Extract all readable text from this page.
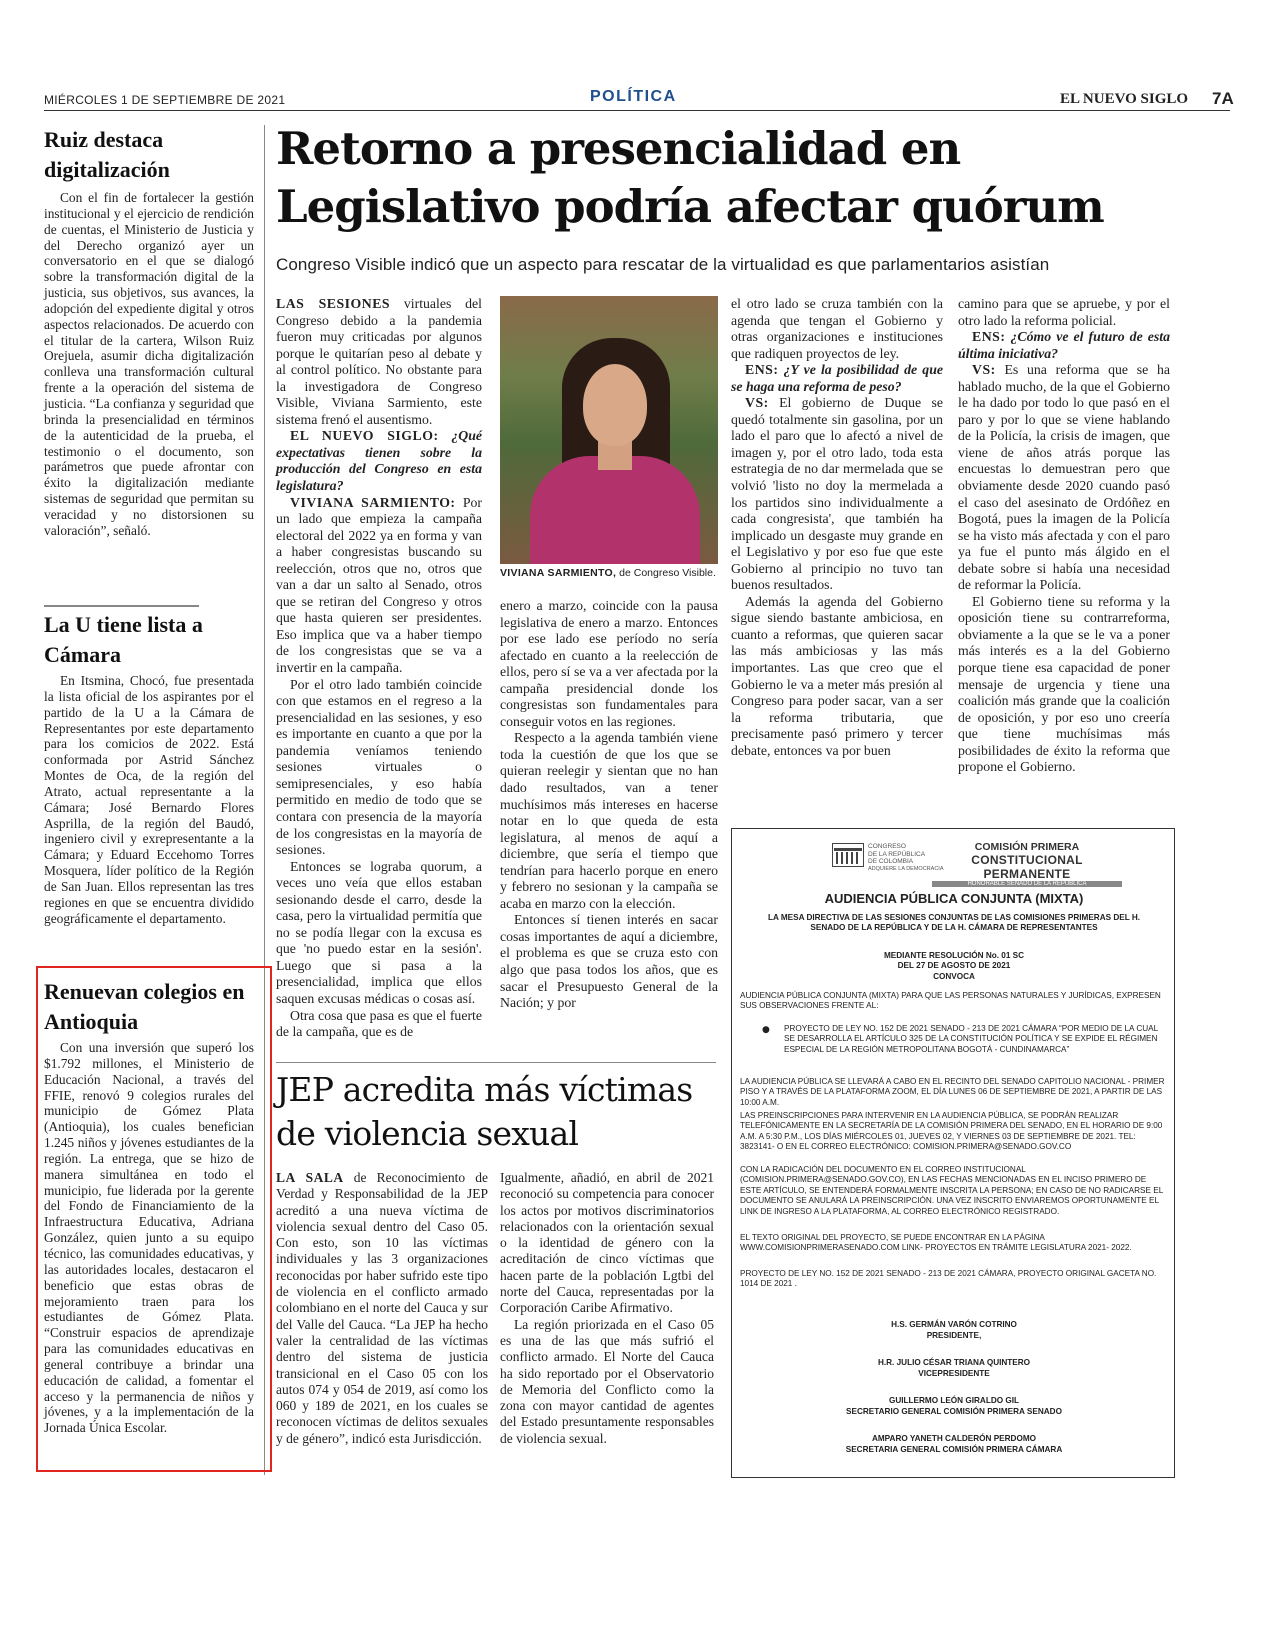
MIÉRCOLES 1 DE SEPTIEMBRE DE 2021	POLÍTICA	EL NUEVO SIGLO 7A
Ruiz destaca digitalización
Con el fin de fortalecer la gestión institucional y el ejercicio de rendición de cuentas, el Ministerio de Justicia y del Derecho organizó ayer un conversatorio en el que se dialogó sobre la transformación digital de la justicia, sus objetivos, sus avances, la adopción del expediente digital y otros aspectos relacionados. De acuerdo con el titular de la cartera, Wilson Ruiz Orejuela, asumir dicha digitalización conlleva una transformación cultural frente a la operación del sistema de justicia. “La confianza y seguridad que brinda la presencialidad en términos de la autenticidad de la prueba, el testimonio o el documento, son parámetros que puede afrontar con éxito la digitalización mediante sistemas de seguridad que permitan su veracidad y no distorsionen su valoración”, señaló.
La U tiene lista a Cámara
En Itsmina, Chocó, fue presentada la lista oficial de los aspirantes por el partido de la U a la Cámara de Representantes por este departamento para los comicios de 2022. Está conformada por Astrid Sánchez Montes de Oca, de la región del Atrato, actual representante a la Cámara; José Bernardo Flores Asprilla, de la región del Baudó, ingeniero civil y exrepresentante a la Cámara; y Eduard Eccehomo Torres Mosquera, líder político de la Región de San Juan. Ellos representan las tres regiones en que se encuentra dividido geográficamente el departamento.
Renuevan colegios en Antioquia
Con una inversión que superó los $1.792 millones, el Ministerio de Educación Nacional, a través del FFIE, renovó 9 colegios rurales del municipio de Gómez Plata (Antioquia), los cuales benefician 1.245 niños y jóvenes estudiantes de la región. La entrega, que se hizo de manera simultánea en todo el municipio, fue liderada por la gerente del Fondo de Financiamiento de la Infraestructura Educativa, Adriana González, quien junto a su equipo técnico, las comunidades educativas, y las autoridades locales, destacaron el beneficio que estas obras de mejoramiento traen para los estudiantes de Gómez Plata. “Construir espacios de aprendizaje para las comunidades educativas en general contribuye a brindar una educación de calidad, a fomentar el acceso y la permanencia de niños y jóvenes, y a la implementación de la Jornada Única Escolar.
Retorno a presencialidad en Legislativo podría afectar quórum
Congreso Visible indicó que un aspecto para rescatar de la virtualidad es que parlamentarios asistían

LAS SESIONES virtuales del Congreso debido a la pandemia fueron muy criticadas por algunos porque le quitarían peso al debate y al control político. No obstante para la investigadora de Congreso Visible, Viviana Sarmiento, este sistema frenó el ausentismo.

EL NUEVO SIGLO: ¿Qué expectativas tienen sobre la producción del Congreso en esta legislatura?

VIVIANA SARMIENTO: Por un lado que empieza la campaña electoral del 2022 ya en forma y van a haber congresistas buscando su reelección, otros que no, otros que van a dar un salto al Senado, otros que se retiran del Congreso y otros que hasta quieren ser presidentes. Eso implica que va a haber tiempo de los congresistas que se va a invertir en la campaña.

Por el otro lado también coincide con que estamos en el regreso a la presencialidad en las sesiones, y eso es importante en cuanto a que por la pandemia veníamos teniendo sesiones virtuales o semipresenciales, y eso había permitido en medio de todo que se contara con presencia de la mayoría de los congresistas en la mayoría de sesiones.

Entonces se lograba quorum, a veces uno veía que ellos estaban sesionando desde el carro, desde la casa, pero la virtualidad permitía que no se podía llegar con la excusa es que 'no puedo estar en la sesión'. Luego que si pasa a la presencialidad, implica que ellos saquen excusas médicas o cosas así.

Otra cosa que pasa es que el fuerte de la campaña, que es de

VIVIANA SARMIENTO, de Congreso Visible.

enero a marzo, coincide con la pausa legislativa de enero a marzo. Entonces por ese lado ese período no sería afectado en cuanto a la reelección de ellos, pero sí se va a ver afectada por la campaña presidencial donde los congresistas son fundamentales para conseguir votos en las regiones.

Respecto a la agenda también viene toda la cuestión de que los que se quieran reelegir y sientan que no han dado resultados, van a tener muchísimos más intereses en hacerse notar en lo que queda de esta legislatura, al menos de aquí a diciembre, que sería el tiempo que tendrían para hacerlo porque en enero y febrero no sesionan y la campaña se acaba en marzo con la elección.

Entonces sí tienen interés en sacar cosas importantes de aquí a diciembre, el problema es que se cruza esto con algo que pasa todos los años, que es sacar el Presupuesto General de la Nación; y por

el otro lado se cruza también con la agenda que tengan el Gobierno y otras organizaciones e instituciones que radiquen proyectos de ley.

ENS: ¿Y ve la posibilidad de que se haga una reforma de peso?

VS: El gobierno de Duque se quedó totalmente sin gasolina, por un lado el paro que lo afectó a nivel de imagen y, por el otro lado, toda esta estrategia de no dar mermelada que se volvió 'listo no doy la mermelada a los partidos sino individualmente a cada congresista', que también ha implicado un desgaste muy grande en el Legislativo y por eso fue que este Gobierno al principio no tuvo tan buenos resultados.

Además la agenda del Gobierno sigue siendo bastante ambiciosa, en cuanto a reformas, que quieren sacar las más ambiciosas y las más importantes. Las que creo que el Gobierno le va a meter más presión al Congreso para poder sacar, van a ser la reforma tributaria, que precisamente pasó primero y tercer debate, entonces va por buen

camino para que se apruebe, y por el otro lado la reforma policial.

ENS: ¿Cómo ve el futuro de esta última iniciativa?

VS: Es una reforma que se ha hablado mucho, de la que el Gobierno le ha dado por todo lo que pasó en el paro y por lo que se viene hablando de la Policía, la crisis de imagen, que viene de años atrás porque las encuestas lo demuestran pero que obviamente desde 2020 cuando pasó el caso del asesinato de Ordóñez en Bogotá, pues la imagen de la Policía se ha visto más afectada y con el paro ya fue el punto más álgido en el debate sobre si había una necesidad de reformar la Policía.

El Gobierno tiene su reforma y la oposición tiene su contrarreforma, obviamente a la que se le va a poner más interés es a la del Gobierno porque tiene esa capacidad de poner mensaje de urgencia y tiene una coalición más grande que la coalición de oposición, y por eso uno creería que tiene muchísimas más posibilidades de éxito la reforma que propone el Gobierno.

JEP acredita más víctimas de violencia sexual

LA SALA de Reconocimiento de Verdad y Responsabilidad de la JEP acreditó a una nueva víctima de violencia sexual dentro del Caso 05. Con esto, son 10 las víctimas individuales y las 3 organizaciones reconocidas por haber sufrido este tipo de violencia en el conflicto armado colombiano en el norte del Cauca y sur del Valle del Cauca. “La JEP ha hecho valer la centralidad de las víctimas dentro del sistema de justicia transicional en el Caso 05 con los autos 074 y 054 de 2019, así como los 060 y 189 de 2021, en los cuales se reconocen víctimas de delitos sexuales y de género”, indicó esta Jurisdicción.

Igualmente, añadió, en abril de 2021 reconoció su competencia para conocer los actos por motivos discriminatorios relacionados con la orientación sexual o la identidad de género con la acreditación de cinco víctimas que hacen parte de la población Lgtbi del norte del Cauca, representadas por la Corporación Caribe Afirmativo.

La región priorizada en el Caso 05 es una de las que más sufrió el conflicto armado. El Norte del Cauca ha sido reportado por el Observatorio de Memoria del Conflicto como la zona con mayor cantidad de agentes del Estado presuntamente responsables de violencia sexual.

CONGRESO
DE LA REPÚBLICA
DE COLOMBIA
ADQUIERE LA DEMOCRACIA
COMISIÓN PRIMERA
CONSTITUCIONAL PERMANENTE
HONORABLE SENADO DE LA REPÚBLICA
AUDIENCIA PÚBLICA CONJUNTA (MIXTA)
LA MESA DIRECTIVA DE LAS SESIONES CONJUNTAS DE LAS COMISIONES PRIMERAS DEL H. SENADO DE LA REPÚBLICA Y DE LA H. CÁMARA DE REPRESENTANTES
MEDIANTE RESOLUCIÓN No. 01 SC
DEL 27 DE AGOSTO DE 2021
CONVOCA
AUDIENCIA PÚBLICA CONJUNTA (MIXTA) PARA QUE LAS PERSONAS NATURALES Y JURÍDICAS, EXPRESEN SUS OBSERVACIONES FRENTE AL:
● PROYECTO DE LEY NO. 152 DE 2021 SENADO - 213 DE 2021 CÁMARA “POR MEDIO DE LA CUAL SE DESARROLLA EL ARTÍCULO 325 DE LA CONSTITUCIÓN POLÍTICA Y SE EXPIDE EL RÉGIMEN ESPECIAL DE LA REGIÓN METROPOLITANA BOGOTÁ - CUNDINAMARCA”
LA AUDIENCIA PÚBLICA SE LLEVARÁ A CABO EN EL RECINTO DEL SENADO CAPITOLIO NACIONAL - PRIMER PISO Y A TRAVÉS DE LA PLATAFORMA ZOOM, EL DÍA LUNES 06 DE SEPTIEMBRE DE 2021, A PARTIR DE LAS 10:00 A.M.
LAS PREINSCRIPCIONES PARA INTERVENIR EN LA AUDIENCIA PÚBLICA, SE PODRÁN REALIZAR TELEFÓNICAMENTE EN LA SECRETARÍA DE LA COMISIÓN PRIMERA DEL SENADO, EN EL HORARIO DE 9:00 A.M. A 5:30 P.M., LOS DÍAS MIÉRCOLES 01, JUEVES 02, Y VIERNES 03 DE SEPTIEMBRE DE 2021. TEL: 3823141- O EN EL CORREO ELECTRÓNICO: COMISION.PRIMERA@SENADO.GOV.CO
CON LA RADICACIÓN DEL DOCUMENTO EN EL CORREO INSTITUCIONAL (COMISION.PRIMERA@SENADO.GOV.CO), EN LAS FECHAS MENCIONADAS EN EL INCISO PRIMERO DE ESTE ARTÍCULO, SE ENTENDERÁ FORMALMENTE INSCRITA LA PERSONA; EN CASO DE NO RADICARSE EL DOCUMENTO SE ANULARÁ LA PREINSCRIPCIÓN. UNA VEZ INSCRITO ENVIAREMOS OPORTUNAMENTE EL LINK DE INGRESO A LA PLATAFORMA, AL CORREO ELECTRÓNICO REGISTRADO.
EL TEXTO ORIGINAL DEL PROYECTO, SE PUEDE ENCONTRAR EN LA PÁGINA WWW.COMISIONPRIMERASENADO.COM LINK- PROYECTOS EN TRÁMITE LEGISLATURA 2021- 2022.
PROYECTO DE LEY NO. 152 DE 2021 SENADO - 213 DE 2021 CÁMARA, PROYECTO ORIGINAL GACETA NO. 1014 DE 2021 .
H.S. GERMÁN VARÓN COTRINO
PRESIDENTE,
H.R. JULIO CÉSAR TRIANA QUINTERO
VICEPRESIDENTE
GUILLERMO LEÓN GIRALDO GIL
SECRETARIO GENERAL COMISIÓN PRIMERA SENADO
AMPARO YANETH CALDERÓN PERDOMO
SECRETARIA GENERAL COMISIÓN PRIMERA CÁMARA
